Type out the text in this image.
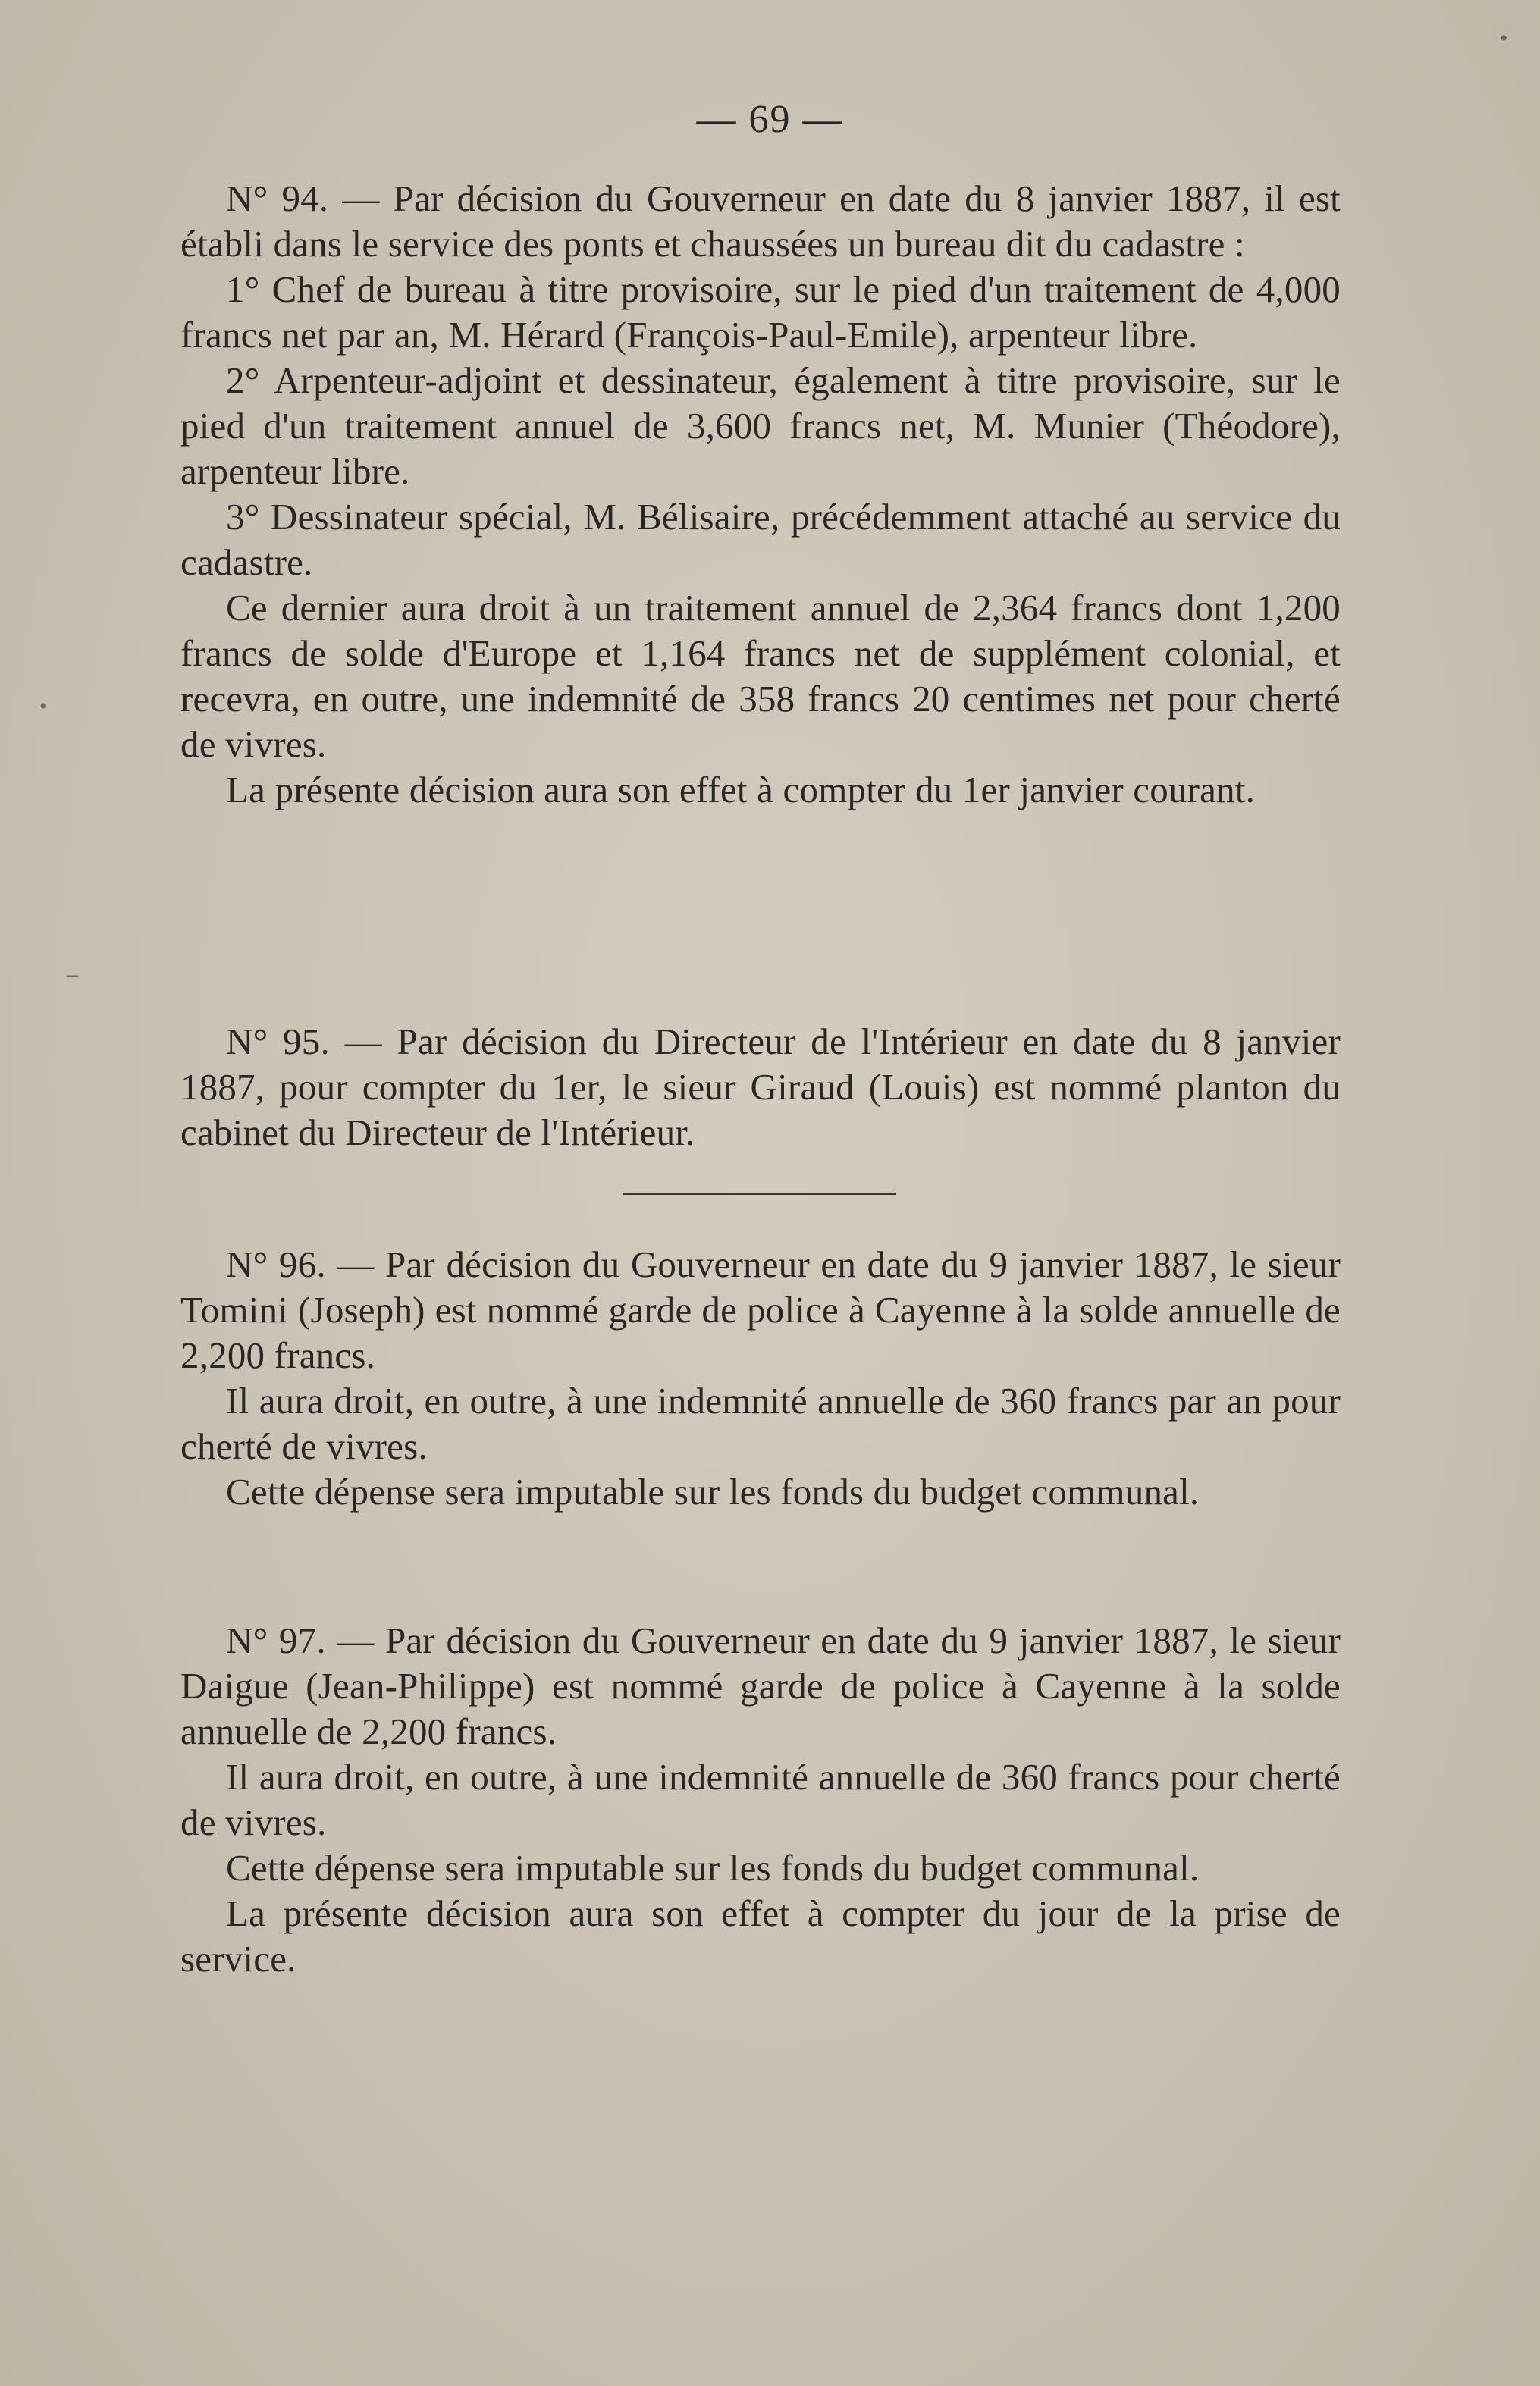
— 69 —

N° 94. — Par décision du Gouverneur en date du 8 janvier 1887, il est établi dans le service des ponts et chaussées un bureau dit du cadastre :

1° Chef de bureau à titre provisoire, sur le pied d'un traitement de 4,000 francs net par an, M. Hérard (François-Paul-Emile), arpenteur libre.

2° Arpenteur-adjoint et dessinateur, également à titre provisoire, sur le pied d'un traitement annuel de 3,600 francs net, M. Munier (Théodore), arpenteur libre.

3° Dessinateur spécial, M. Bélisaire, précédemment attaché au service du cadastre.

Ce dernier aura droit à un traitement annuel de 2,364 francs dont 1,200 francs de solde d'Europe et 1,164 francs net de supplément colonial, et recevra, en outre, une indemnité de 358 francs 20 centimes net pour cherté de vivres.

La présente décision aura son effet à compter du 1er janvier courant.

N° 95. — Par décision du Directeur de l'Intérieur en date du 8 janvier 1887, pour compter du 1er, le sieur Giraud (Louis) est nommé planton du cabinet du Directeur de l'Intérieur.

N° 96. — Par décision du Gouverneur en date du 9 janvier 1887, le sieur Tomini (Joseph) est nommé garde de police à Cayenne à la solde annuelle de 2,200 francs.

Il aura droit, en outre, à une indemnité annuelle de 360 francs par an pour cherté de vivres.

Cette dépense sera imputable sur les fonds du budget communal.

N° 97. — Par décision du Gouverneur en date du 9 janvier 1887, le sieur Daigue (Jean-Philippe) est nommé garde de police à Cayenne à la solde annuelle de 2,200 francs.

Il aura droit, en outre, à une indemnité annuelle de 360 francs pour cherté de vivres.

Cette dépense sera imputable sur les fonds du budget communal.

La présente décision aura son effet à compter du jour de la prise de service.

•
•
–
